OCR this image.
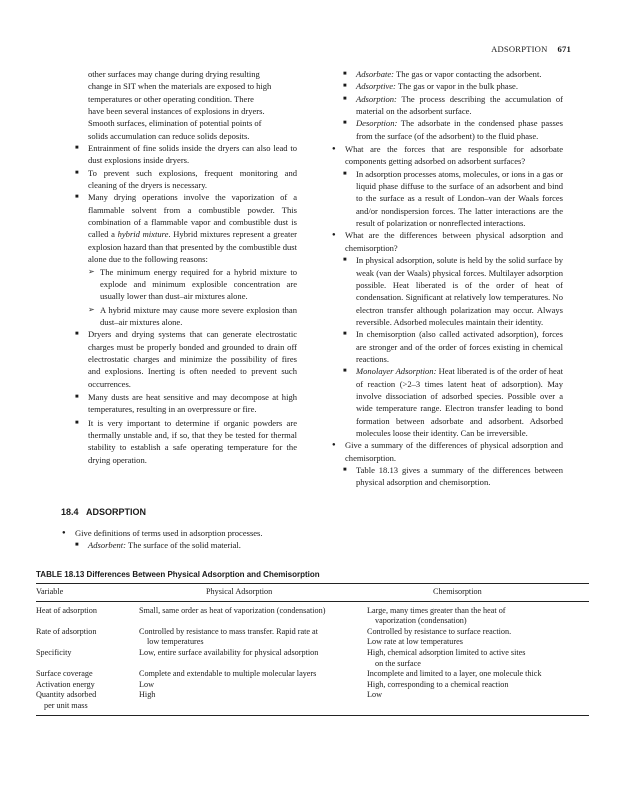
ADSORPTION 671

other surfaces may change during drying resulting

change in SIT when the materials are exposed to high

temperatures or other operating condition. There

have been several instances of explosions in dryers.

Smooth surfaces, elimination of potential points of

solids accumulation can reduce solids deposits.

■ Entrainment of fine solids inside the dryers can also lead to dust explosions inside dryers.
■ To prevent such explosions, frequent monitoring and cleaning of the dryers is necessary.
■ Many drying operations involve the vaporization of a flammable solvent from a combustible powder. This combination of a flammable vapor and combustible dust is called a hybrid mixture. Hybrid mixtures represent a greater explosion hazard than that presented by the combustible dust alone due to the following reasons:
➢ The minimum energy required for a hybrid mixture to explode and minimum explosible concentration are usually lower than dust–air mixtures alone.
➢ A hybrid mixture may cause more severe explosion than dust–air mixtures alone.
■ Dryers and drying systems that can generate electrostatic charges must be properly bonded and grounded to drain off electrostatic charges and minimize the possibility of fires and explosions. Inerting is often needed to prevent such occurrences.
■ Many dusts are heat sensitive and may decompose at high temperatures, resulting in an overpressure or fire.
■ It is very important to determine if organic powders are thermally unstable and, if so, that they be tested for thermal stability to establish a safe operating temperature for the drying operation.
18.4 ADSORPTION
● Give definitions of terms used in adsorption processes.
■ Adsorbent: The surface of the solid material.
■ Adsorbate: The gas or vapor contacting the adsorbent.
■ Adsorptive: The gas or vapor in the bulk phase.
■ Adsorption: The process describing the accumulation of material on the adsorbent surface.
■ Desorption: The adsorbate in the condensed phase passes from the surface (of the adsorbent) to the fluid phase.
● What are the forces that are responsible for adsorbate components getting adsorbed on adsorbent surfaces?
■ In adsorption processes atoms, molecules, or ions in a gas or liquid phase diffuse to the surface of an adsorbent and bind to the surface as a result of London–van der Waals forces and/or nondispersion forces. The latter interactions are the result of polarization or nonreflected interactions.
● What are the differences between physical adsorption and chemisorption?
■ In physical adsorption, solute is held by the solid surface by weak (van der Waals) physical forces. Multilayer adsorption possible. Heat liberated is of the order of heat of condensation. Significant at relatively low temperatures. No electron transfer although polarization may occur. Always reversible. Adsorbed molecules maintain their identity.
■ In chemisorption (also called activated adsorption), forces are stronger and of the order of forces existing in chemical reactions.
■ Monolayer Adsorption: Heat liberated is of the order of heat of reaction (>2–3 times latent heat of adsorption). May involve dissociation of adsorbed species. Possible over a wide temperature range. Electron transfer leading to bond formation between adsorbate and adsorbent. Adsorbed molecules loose their identity. Can be irreversible.
● Give a summary of the differences of physical adsorption and chemisorption.
■ Table 18.13 gives a summary of the differences between physical adsorption and chemisorption.
TABLE 18.13 Differences Between Physical Adsorption and Chemisorption
Variable	Physical Adsorption	Chemisorption
Heat of adsorption	Small, same order as heat of vaporization (condensation)	Large, many times greater than the heat of
vaporization (condensation)
Rate of adsorption	Controlled by resistance to mass transfer. Rapid rate at	Controlled by resistance to surface reaction.
low temperatures	Low rate at low temperatures
Specificity	Low, entire surface availability for physical adsorption	High, chemical adsorption limited to active sites
on the surface
Surface coverage	Complete and extendable to multiple molecular layers	Incomplete and limited to a layer, one molecule thick
Activation energy	Low	High, corresponding to a chemical reaction
Quantity adsorbed	High	Low
per unit mass
